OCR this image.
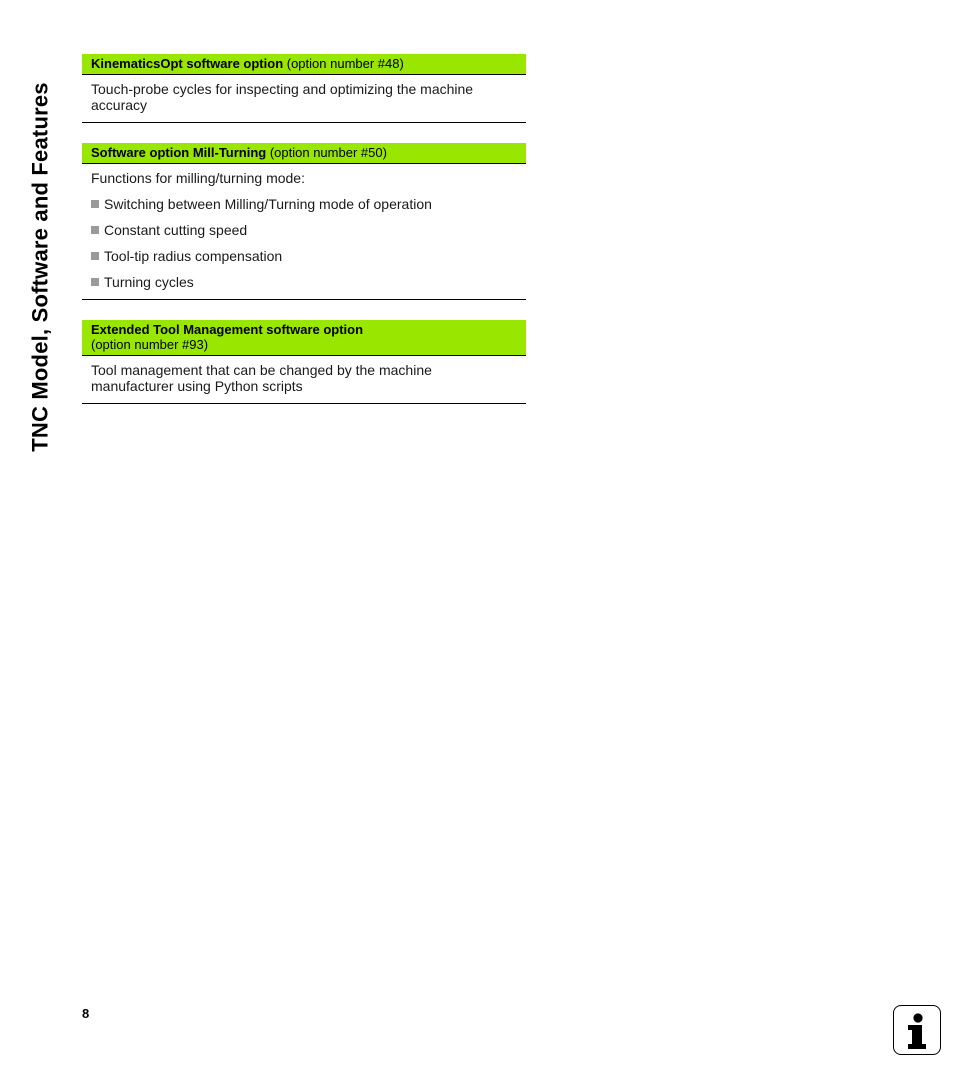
TNC Model, Software and Features
KinematicsOpt software option (option number #48)

Touch-probe cycles for inspecting and optimizing the machine accuracy

Software option Mill-Turning (option number #50)

Functions for milling/turning mode:

Switching between Milling/Turning mode of operation
Constant cutting speed
Tool-tip radius compensation
Turning cycles
Extended Tool Management software option
(option number #93)

Tool management that can be changed by the machine manufacturer using Python scripts

8
